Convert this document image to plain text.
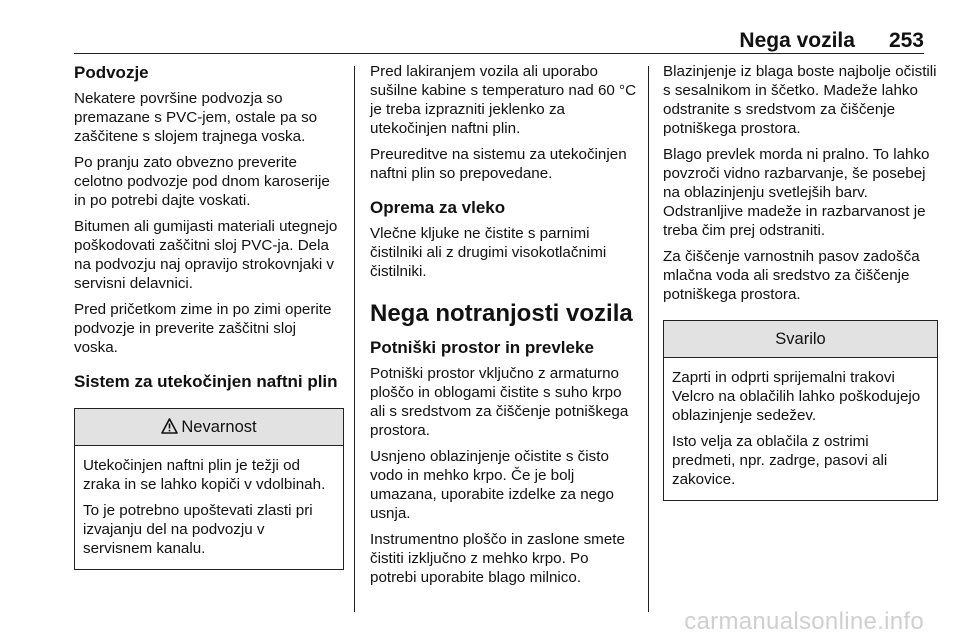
Nega vozila 253
Podvozje

Nekatere površine podvozja so premazane s PVC-jem, ostale pa so zaščitene s slojem trajnega voska.

Po pranju zato obvezno preverite celotno podvozje pod dnom karoserije in po potrebi dajte voskati.

Bitumen ali gumijasti materiali utegnejo poškodovati zaščitni sloj PVC-ja. Dela na podvozju naj opravijo strokovnjaki v servisni delavnici.

Pred pričetkom zime in po zimi operite podvozje in preverite zaščitni sloj voska.

Sistem za utekočinjen naftni plin
Nevarnost

Utekočinjen naftni plin je težji od zraka in se lahko kopiči v vdolbinah.

To je potrebno upoštevati zlasti pri izvajanju del na podvozju v servisnem kanalu.

Pred lakiranjem vozila ali uporabo sušilne kabine s temperaturo nad 60 °C je treba izprazniti jeklenko za utekočinjen naftni plin.

Preureditve na sistemu za utekočinjen naftni plin so prepovedane.

Oprema za vleko

Vlečne kljuke ne čistite s parnimi čistilniki ali z drugimi visokotlačnimi čistilniki.

Nega notranjosti vozila
Potniški prostor in prevleke

Potniški prostor vključno z armaturno ploščo in oblogami čistite s suho krpo ali s sredstvom za čiščenje potniškega prostora.

Usnjeno oblazinjenje očistite s čisto vodo in mehko krpo. Če je bolj umazana, uporabite izdelke za nego usnja.

Instrumentno ploščo in zaslone smete čistiti izključno z mehko krpo. Po potrebi uporabite blago milnico.

Blazinjenje iz blaga boste najbolje očistili s sesalnikom in ščetko. Madeže lahko odstranite s sredstvom za čiščenje potniškega prostora.

Blago prevlek morda ni pralno. To lahko povzroči vidno razbarvanje, še posebej na oblazinjenju svetlejših barv. Odstranljive madeže in razbarvanost je treba čim prej odstraniti.

Za čiščenje varnostnih pasov zadošča mlačna voda ali sredstvo za čiščenje potniškega prostora.

Svarilo

Zaprti in odprti sprijemalni trakovi Velcro na oblačilih lahko poškodujejo oblazinjenje sedežev.

Isto velja za oblačila z ostrimi predmeti, npr. zadrge, pasovi ali zakovice.

carmanualsonline.info
